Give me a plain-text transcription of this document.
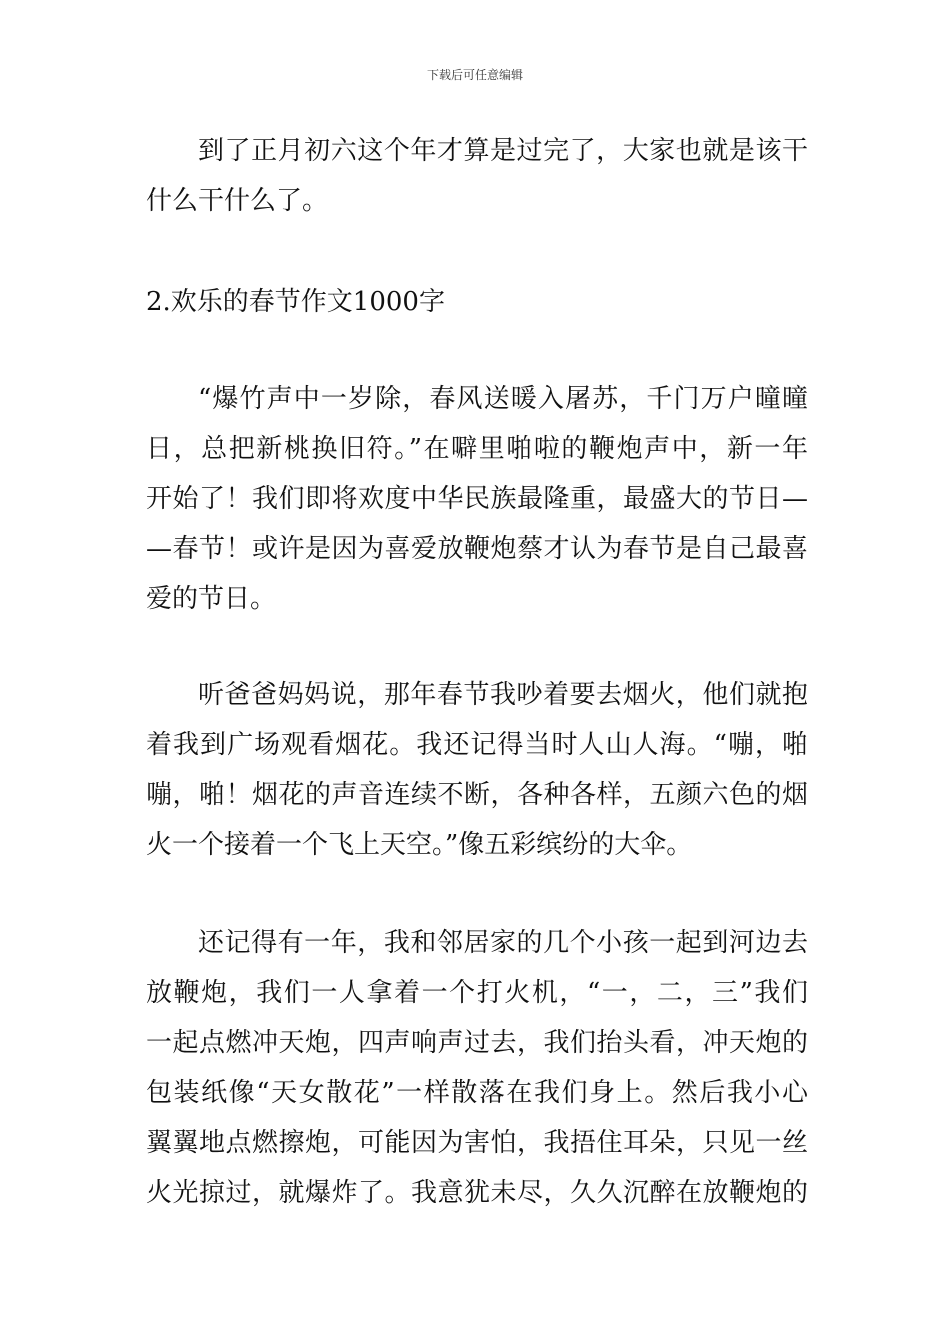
下载后可任意编辑
到了正月初六这个年才算是过完了，大家也就是该干
什么干什么了。
2.欢乐的春节作文1000字
“爆竹声中一岁除，春风送暖入屠苏，千门万户曈曈
日，总把新桃换旧符。”在噼里啪啦的鞭炮声中，新一年
开始了！我们即将欢度中华民族最隆重，最盛大的节日—
—春节！或许是因为喜爱放鞭炮蔡才认为春节是自己最喜
爱的节日。
听爸爸妈妈说，那年春节我吵着要去烟火，他们就抱
着我到广场观看烟花。我还记得当时人山人海。“嘣，啪
嘣，啪！烟花的声音连续不断，各种各样，五颜六色的烟
火一个接着一个飞上天空。”像五彩缤纷的大伞。
还记得有一年，我和邻居家的几个小孩一起到河边去
放鞭炮，我们一人拿着一个打火机，“一，二，三”我们
一起点燃冲天炮，四声响声过去，我们抬头看，冲天炮的
包装纸像“天女散花”一样散落在我们身上。然后我小心
翼翼地点燃擦炮，可能因为害怕，我捂住耳朵，只见一丝
火光掠过，就爆炸了。我意犹未尽，久久沉醉在放鞭炮的
